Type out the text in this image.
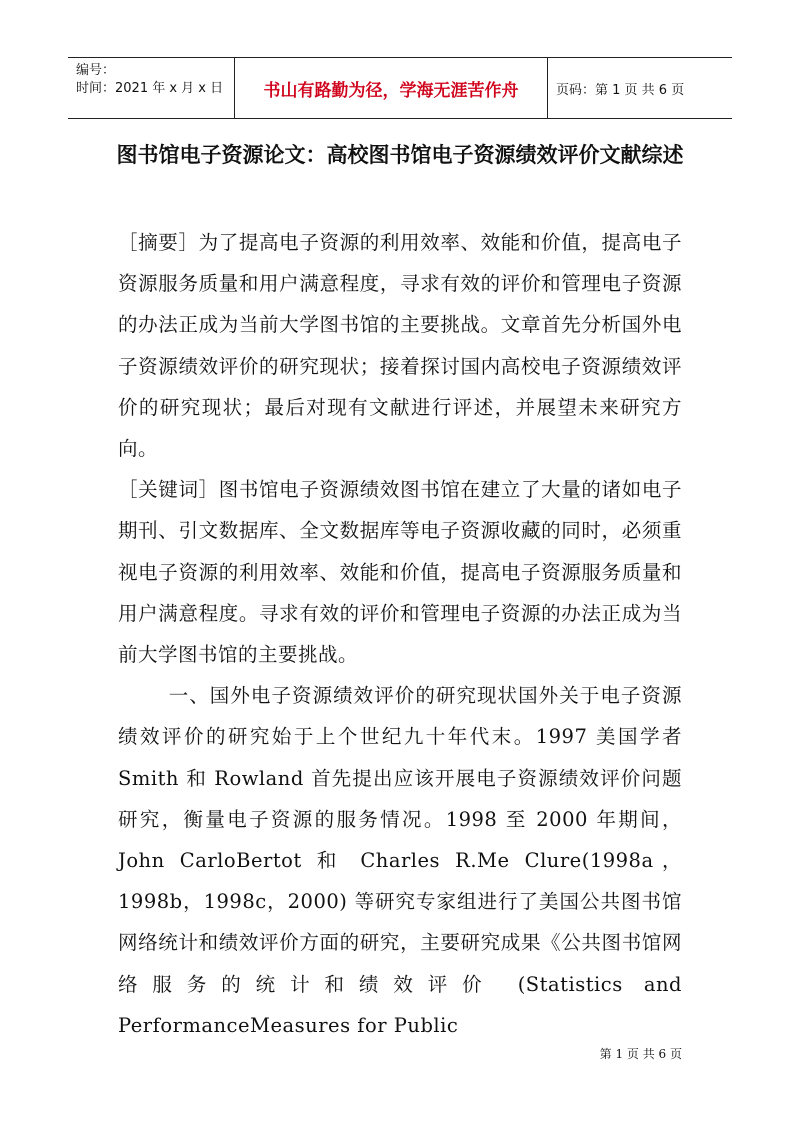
编号：
时间：2021 年 x 月 x 日	书山有路勤为径，学海无涯苦作舟	页码：第 1 页 共 6 页
图书馆电子资源论文：高校图书馆电子资源绩效评价文献综述

［摘要］为了提高电子资源的利用效率、效能和价值，提高电子资源服务质量和用户满意程度，寻求有效的评价和管理电子资源的办法正成为当前大学图书馆的主要挑战。文章首先分析国外电子资源绩效评价的研究现状；接着探讨国内高校电子资源绩效评价的研究现状；最后对现有文献进行评述，并展望未来研究方向。

［关键词］图书馆电子资源绩效图书馆在建立了大量的诸如电子期刊、引文数据库、全文数据库等电子资源收藏的同时，必须重视电子资源的利用效率、效能和价值，提高电子资源服务质量和用户满意程度。寻求有效的评价和管理电子资源的办法正成为当前大学图书馆的主要挑战。

一、国外电子资源绩效评价的研究现状国外关于电子资源绩效评价的研究始于上个世纪九十年代末。1997 美国学者 Smith 和 Rowland 首先提出应该开展电子资源绩效评价问题研究，衡量电子资源的服务情况。1998 至 2000 年期间，John CarloBertot 和 Charles R.Me Clure(1998a，1998b，1998c，2000) 等研究专家组进行了美国公共图书馆网络统计和绩效评价方面的研究，主要研究成果《公共图书馆网络服务的统计和绩效评价 (Statistics and PerformanceMeasures for Public

第 1 页 共 6 页
